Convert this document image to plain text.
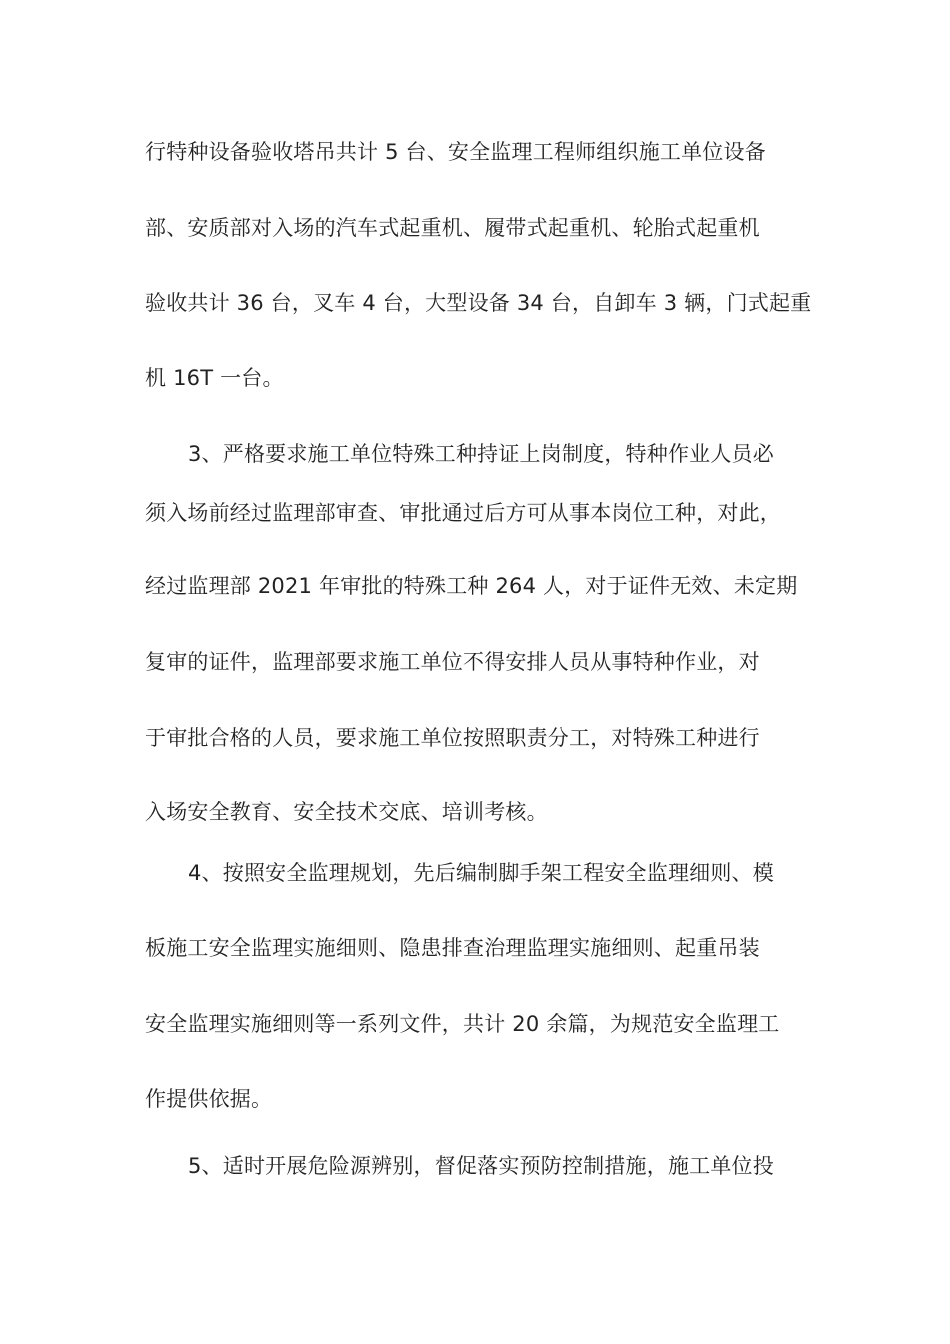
行特种设备验收塔吊共计 5 台、安全监理工程师组织施工单位设备
部、安质部对入场的汽车式起重机、履带式起重机、轮胎式起重机
验收共计 36 台，叉车 4 台，大型设备 34 台，自卸车 3 辆，门式起重
机 16T 一台。
3、严格要求施工单位特殊工种持证上岗制度，特种作业人员必
须入场前经过监理部审查、审批通过后方可从事本岗位工种，对此，
经过监理部 2021 年审批的特殊工种 264 人，对于证件无效、未定期
复审的证件，监理部要求施工单位不得安排人员从事特种作业，对
于审批合格的人员，要求施工单位按照职责分工，对特殊工种进行
入场安全教育、安全技术交底、培训考核。
4、按照安全监理规划，先后编制脚手架工程安全监理细则、模
板施工安全监理实施细则、隐患排查治理监理实施细则、起重吊装
安全监理实施细则等一系列文件，共计 20 余篇，为规范安全监理工
作提供依据。
5、适时开展危险源辨别，督促落实预防控制措施，施工单位投
